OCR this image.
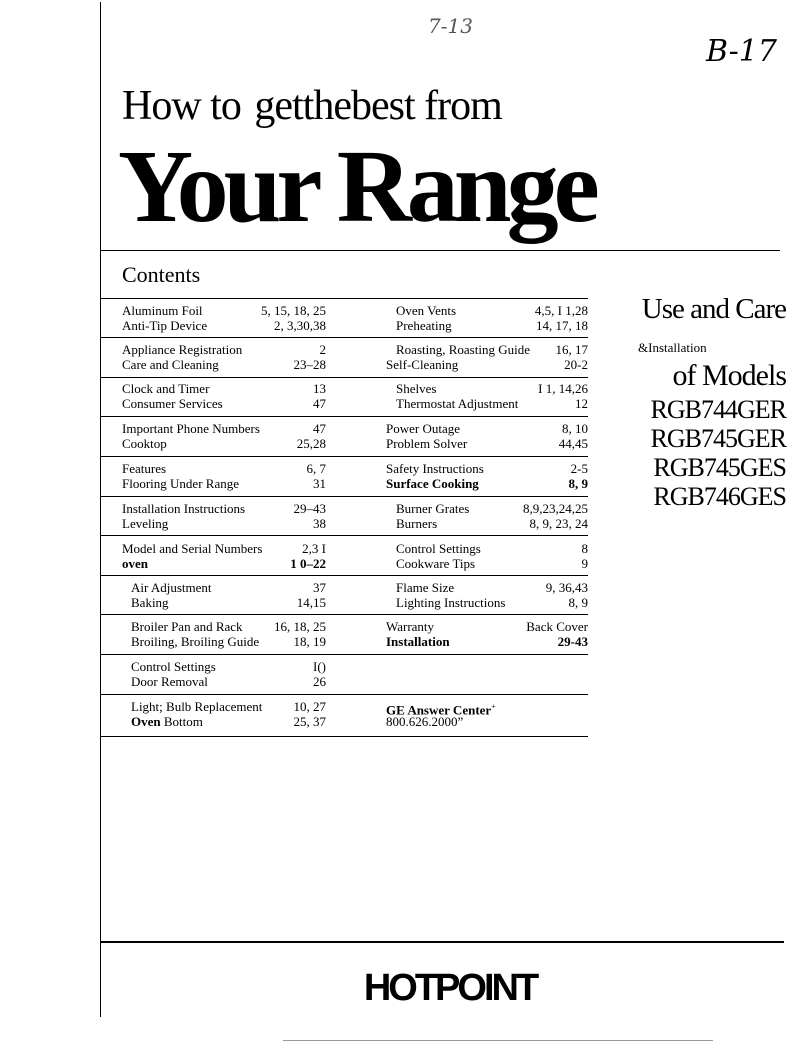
7-13
B-17
How to getthebest from
Your Range
Contents
Aluminum Foil	5, 15, 18, 25
Anti-Tip Device	2, 3,30,38
Appliance Registration	2
Care and Cleaning	23–28
Clock and Timer	13
Consumer Services	47
Important Phone Numbers	47
Cooktop	25,28
Features	6, 7
Flooring Under Range	31
Installation Instructions	29–43
Leveling	38
Model and Serial Numbers	2,3 I
oven	1 0–22
Air Adjustment	37
Baking	14,15
Broiler Pan and Rack 16, 18, 25
Broiling, Broiling Guide	18, 19
Control Settings	I()
Door Removal	26
Light; Bulb Replacement 10, 27
Oven Bottom	25, 37
Oven Vents	4,5, I 1,28
Preheating	14, 17, 18
Roasting, Roasting Guide 16, 17
Self-Cleaning	20-2
Shelves	I 1, 14,26
Thermostat Adjustment	12
Power Outage	8, 10
Problem Solver	44,45
Safety Instructions	2-5
Surface Cooking	8, 9
Burner Grates	8,9,23,24,25
Burners	8, 9, 23, 24
Control Settings	8
Cookware Tips	9
Flame Size	9, 36,43
Lighting Instructions	8, 9
Warranty	Back Cover
Installation	29-43
GE Answer Center+
800.626.2000”
Use and Care
&Installation
of Models
RGB744GER
RGB745GER
RGB745GES
RGB746GES
HOTPOINT
